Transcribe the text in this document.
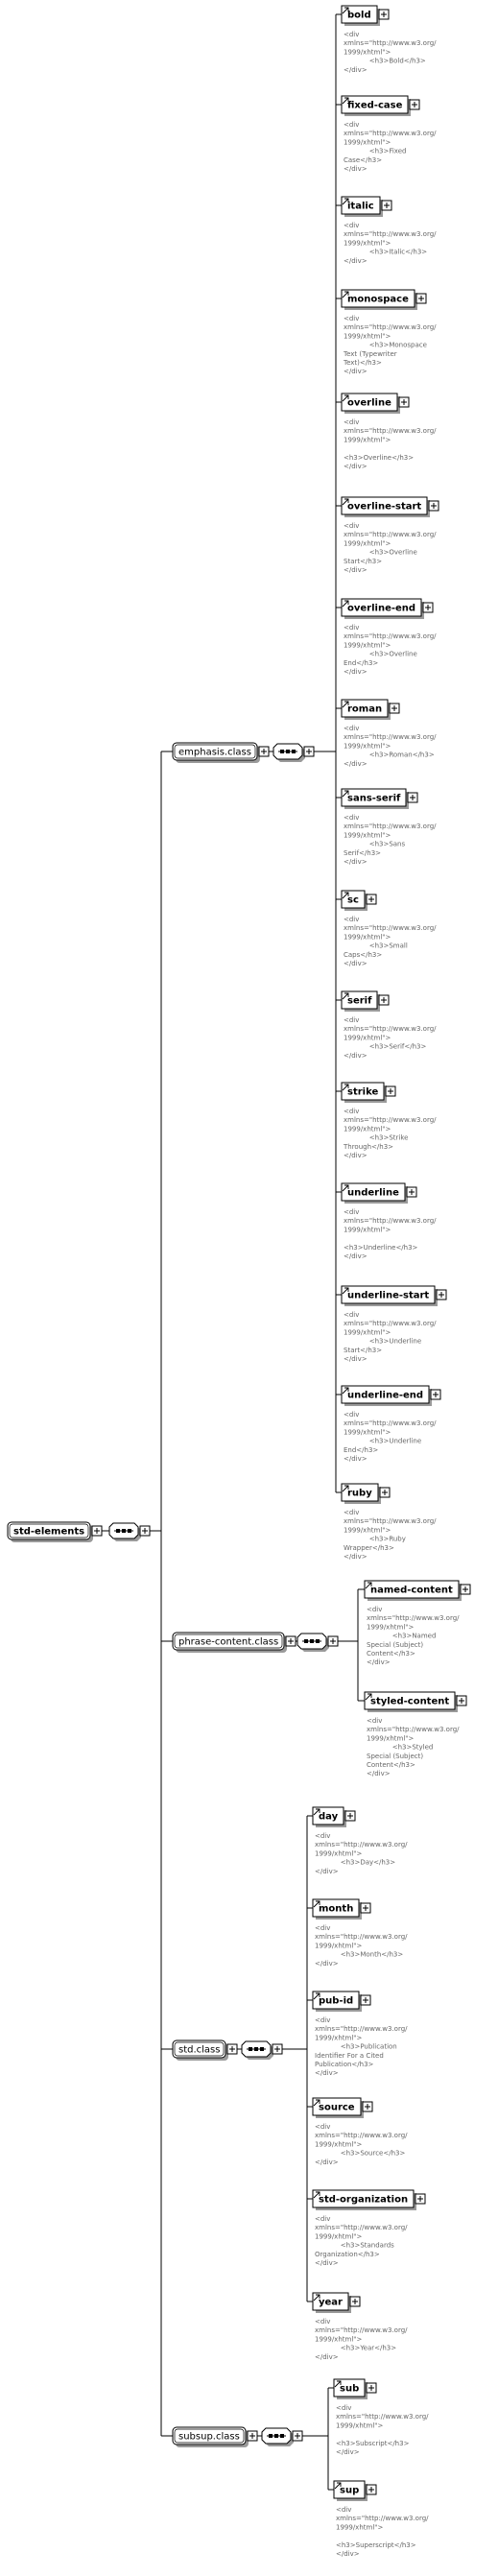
std-elements
emphasis.class
bold
<div
xmlns="http://www.w3.org/
1999/xhtml">
<h3>Bold</h3>
</div>
fixed-case
<div
xmlns="http://www.w3.org/
1999/xhtml">
<h3>Fixed
Case</h3>
</div>
italic
<div
xmlns="http://www.w3.org/
1999/xhtml">
<h3>Italic</h3>
</div>
monospace
<div
xmlns="http://www.w3.org/
1999/xhtml">
<h3>Monospace
Text (Typewriter
Text)</h3>
</div>
overline
<div
xmlns="http://www.w3.org/
1999/xhtml">
<h3>Overline</h3>
</div>
overline-start
<div
xmlns="http://www.w3.org/
1999/xhtml">
<h3>Overline
Start</h3>
</div>
overline-end
<div
xmlns="http://www.w3.org/
1999/xhtml">
<h3>Overline
End</h3>
</div>
roman
<div
xmlns="http://www.w3.org/
1999/xhtml">
<h3>Roman</h3>
</div>
sans-serif
<div
xmlns="http://www.w3.org/
1999/xhtml">
<h3>Sans
Serif</h3>
</div>
sc
<div
xmlns="http://www.w3.org/
1999/xhtml">
<h3>Small
Caps</h3>
</div>
serif
<div
xmlns="http://www.w3.org/
1999/xhtml">
<h3>Serif</h3>
</div>
strike
<div
xmlns="http://www.w3.org/
1999/xhtml">
<h3>Strike
Through</h3>
</div>
underline
<div
xmlns="http://www.w3.org/
1999/xhtml">
<h3>Underline</h3>
</div>
underline-start
<div
xmlns="http://www.w3.org/
1999/xhtml">
<h3>Underline
Start</h3>
</div>
underline-end
<div
xmlns="http://www.w3.org/
1999/xhtml">
<h3>Underline
End</h3>
</div>
ruby
<div
xmlns="http://www.w3.org/
1999/xhtml">
<h3>Ruby
Wrapper</h3>
</div>
phrase-content.class
named-content
<div
xmlns="http://www.w3.org/
1999/xhtml">
<h3>Named
Special (Subject)
Content</h3>
</div>
styled-content
<div
xmlns="http://www.w3.org/
1999/xhtml">
<h3>Styled
Special (Subject)
Content</h3>
</div>
std.class
day
<div
xmlns="http://www.w3.org/
1999/xhtml">
<h3>Day</h3>
</div>
month
<div
xmlns="http://www.w3.org/
1999/xhtml">
<h3>Month</h3>
</div>
pub-id
<div
xmlns="http://www.w3.org/
1999/xhtml">
<h3>Publication
Identifier For a Cited
Publication</h3>
</div>
source
<div
xmlns="http://www.w3.org/
1999/xhtml">
<h3>Source</h3>
</div>
std-organization
<div
xmlns="http://www.w3.org/
1999/xhtml">
<h3>Standards
Organization</h3>
</div>
year
<div
xmlns="http://www.w3.org/
1999/xhtml">
<h3>Year</h3>
</div>
subsup.class
sub
<div
xmlns="http://www.w3.org/
1999/xhtml">
<h3>Subscript</h3>
</div>
sup
<div
xmlns="http://www.w3.org/
1999/xhtml">
<h3>Superscript</h3>
</div>
